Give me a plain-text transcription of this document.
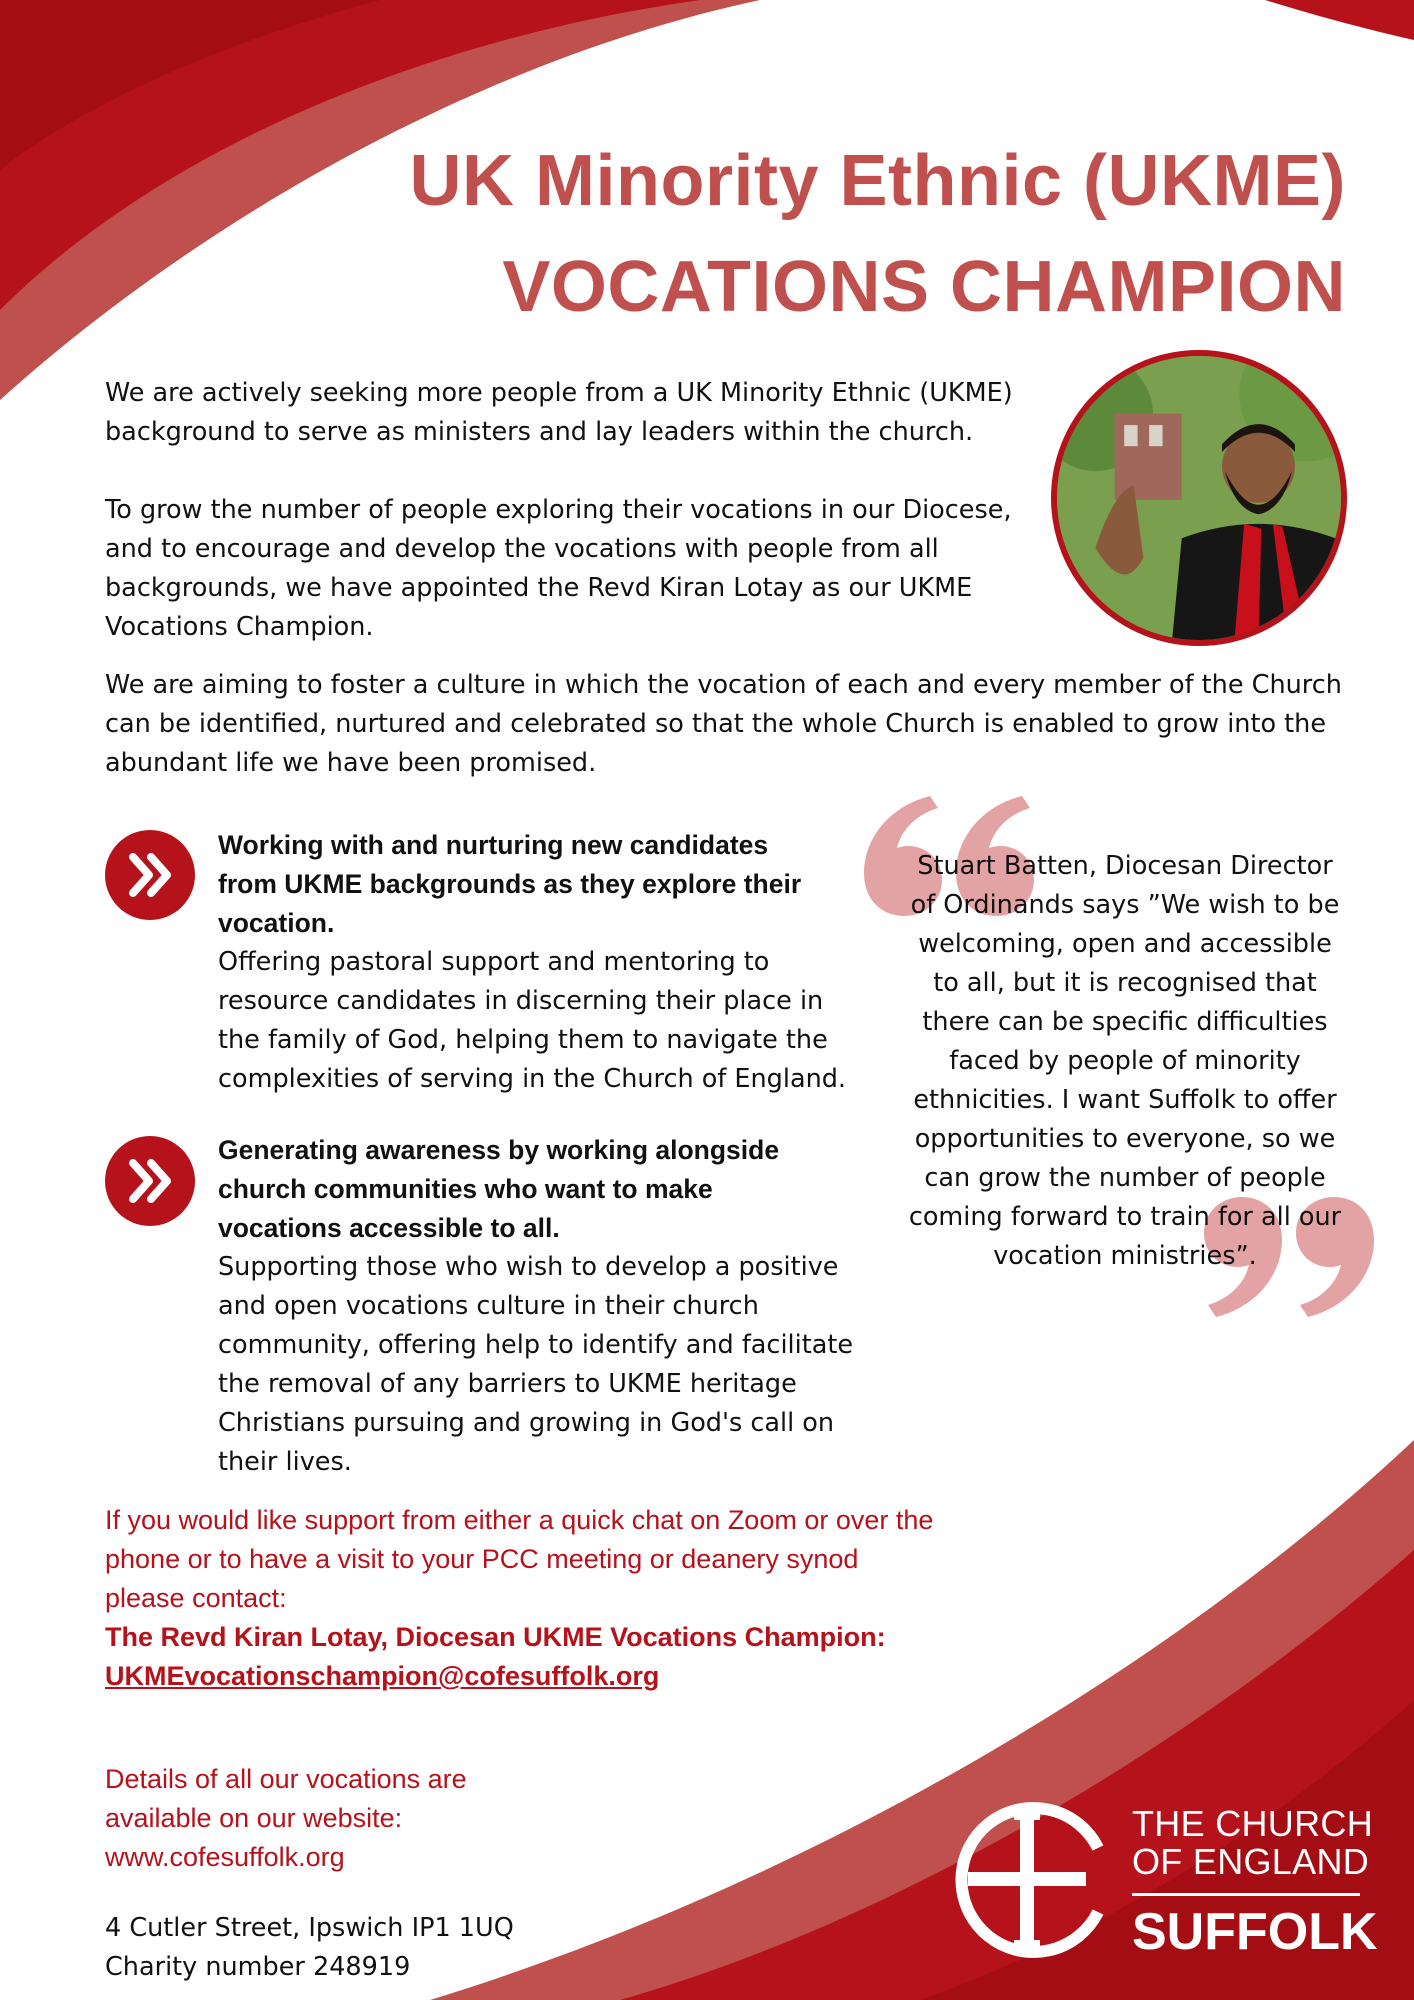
UK Minority Ethnic (UKME)
VOCATIONS CHAMPION

We are actively seeking more people from a UK Minority Ethnic (UKME)
background to serve as ministers and lay leaders within the church.

To grow the number of people exploring their vocations in our Diocese,
and to encourage and develop the vocations with people from all
backgrounds, we have appointed the Revd Kiran Lotay as our UKME
Vocations Champion.

We are aiming to foster a culture in which the vocation of each and every member of the Church
can be identified, nurtured and celebrated so that the whole Church is enabled to grow into the
abundant life we have been promised.

Working with and nurturing new candidates
from UKME backgrounds as they explore their
vocation.
Offering pastoral support and mentoring to
resource candidates in discerning their place in
the family of God, helping them to navigate the
complexities of serving in the Church of England.
Generating awareness by working alongside
church communities who want to make
vocations accessible to all.
Supporting those who wish to develop a positive
and open vocations culture in their church
community, offering help to identify and facilitate
the removal of any barriers to UKME heritage
Christians pursuing and growing in God's call on
their lives.
Stuart Batten, Diocesan Director
of Ordinands says ”We wish to be
welcoming, open and accessible
to all, but it is recognised that
there can be specific difficulties
faced by people of minority
ethnicities. I want Suffolk to offer
opportunities to everyone, so we
can grow the number of people
coming forward to train for all our
vocation ministries”.
If you would like support from either a quick chat on Zoom or over the
phone or to have a visit to your PCC meeting or deanery synod
please contact:
The Revd Kiran Lotay, Diocesan UKME Vocations Champion:
UKMEvocationschampion@cofesuffolk.org
Details of all our vocations are
available on our website:
www.cofesuffolk.org
4 Cutler Street, Ipswich IP1 1UQ
Charity number 248919
THE CHURCH
OF ENGLAND
SUFFOLK
